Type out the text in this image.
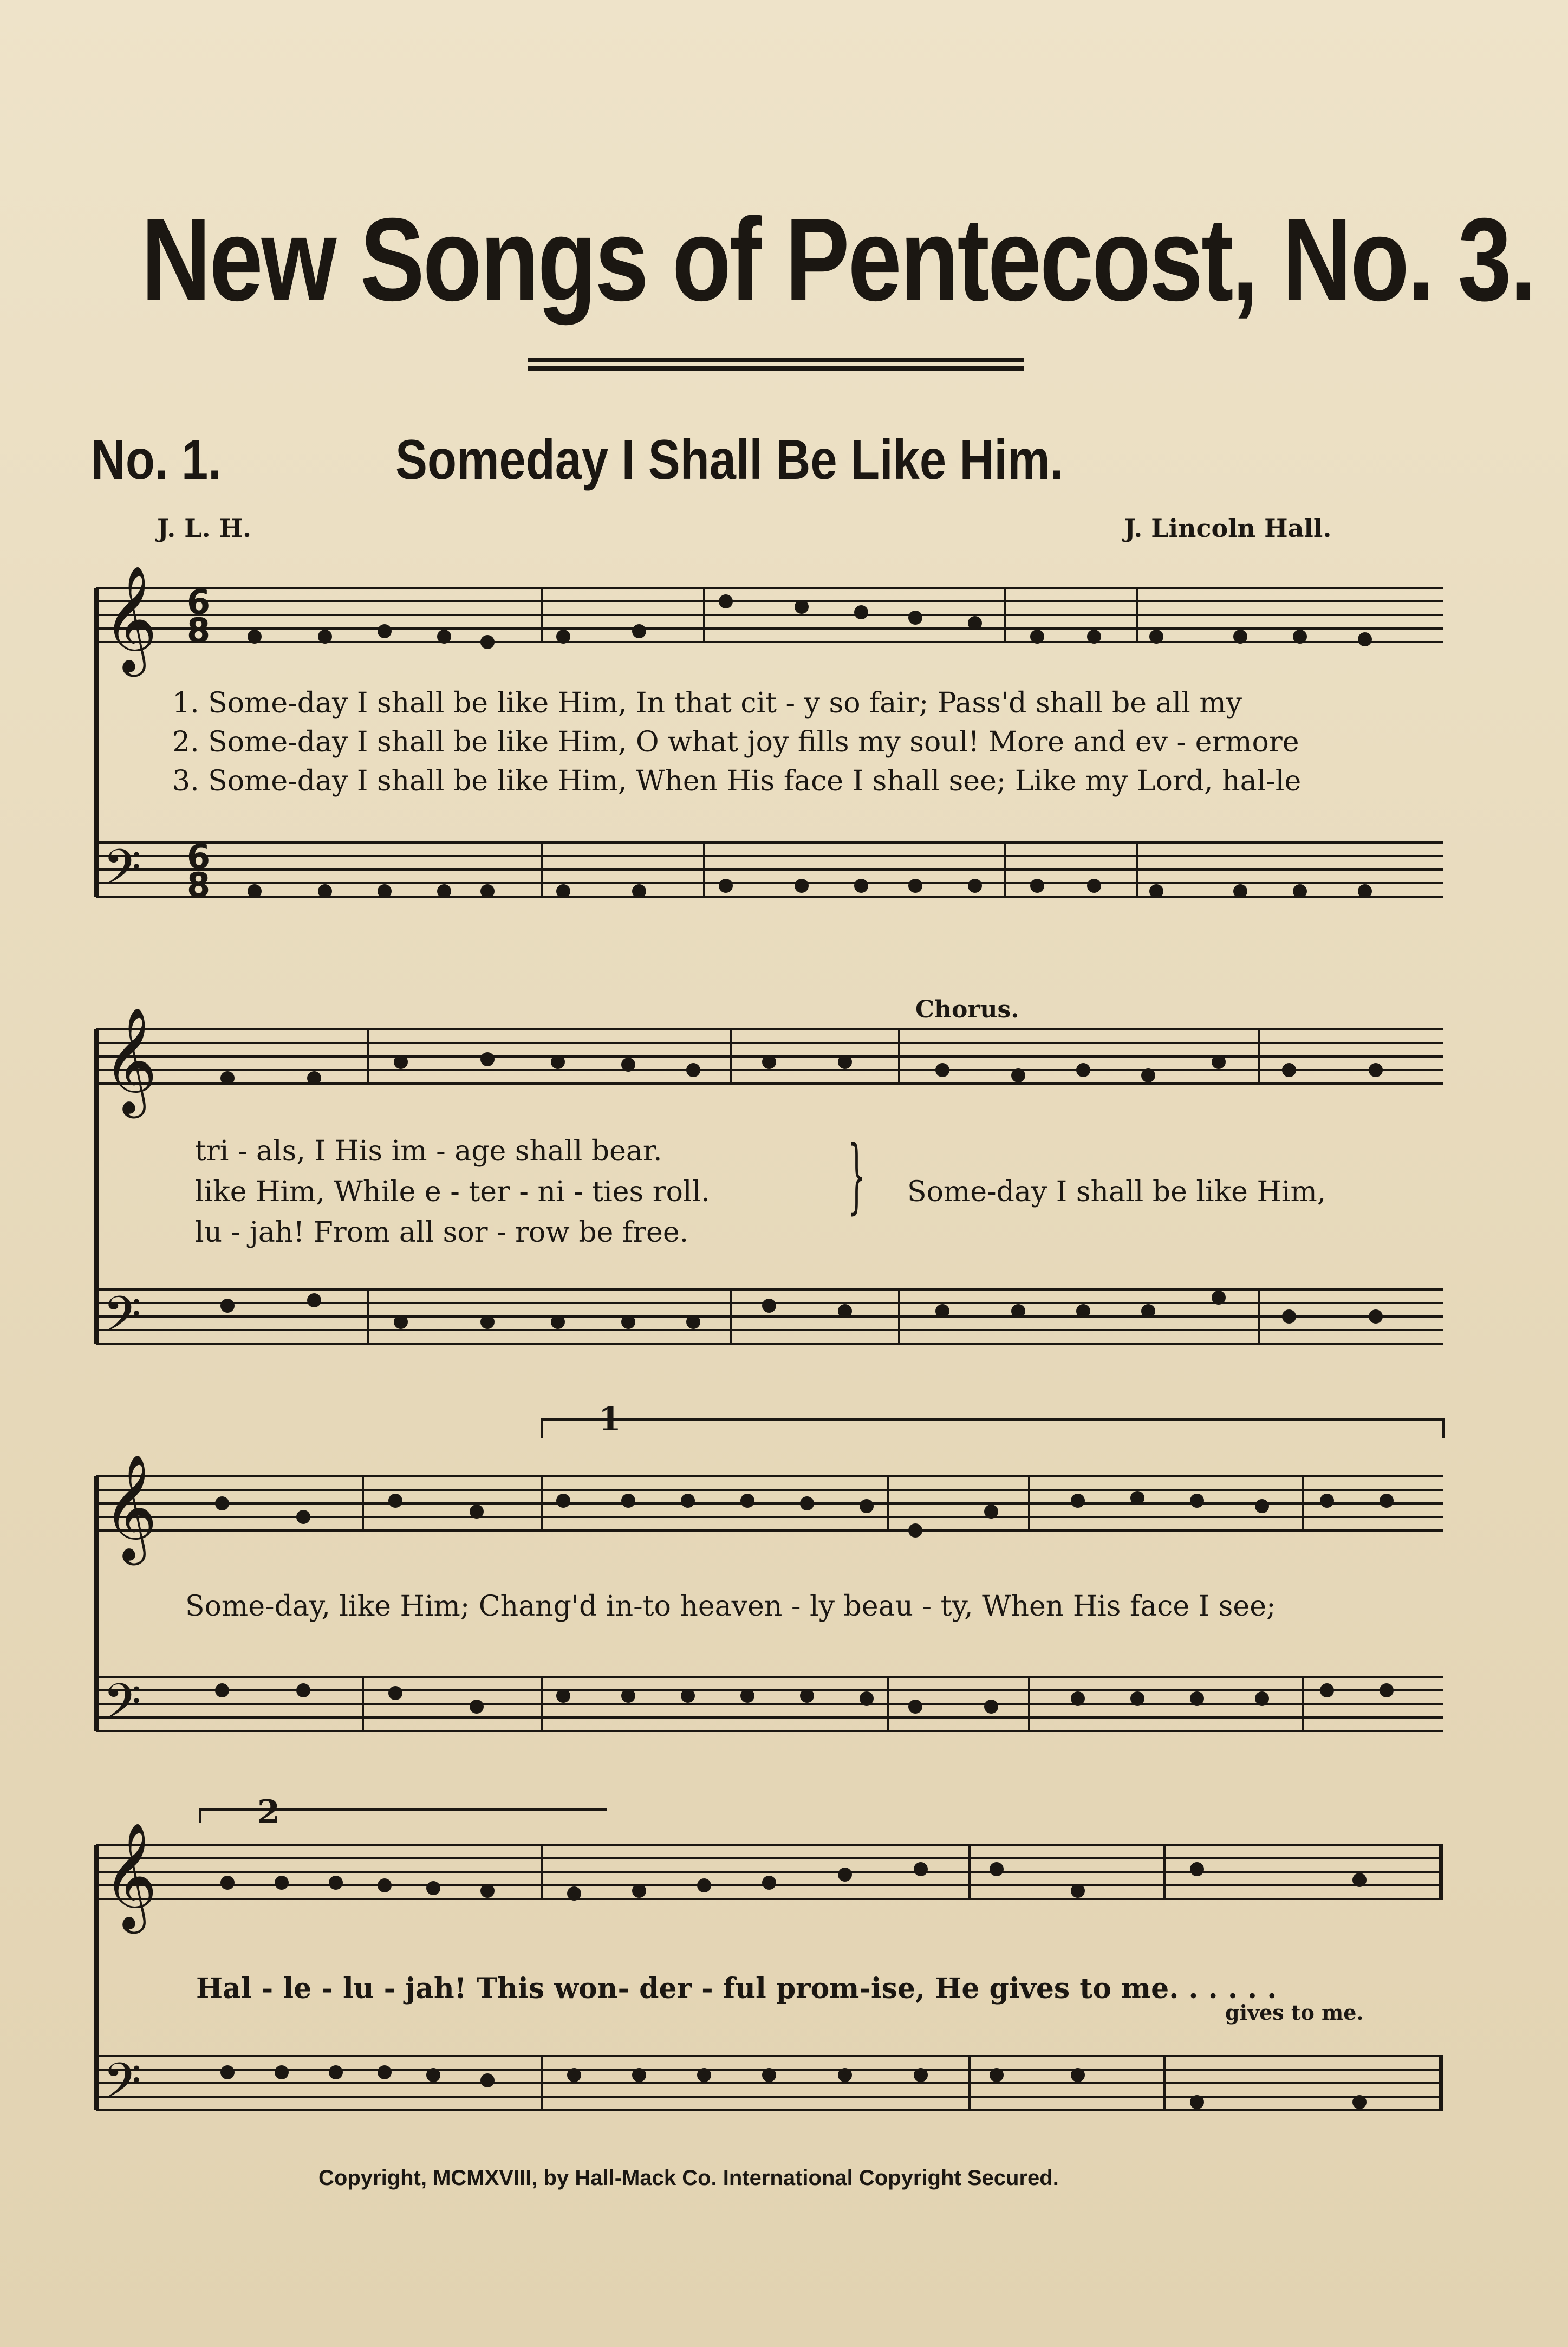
New Songs of Pentecost, No. 3.
No. 1.	Someday I Shall Be Like Him.
J. L. H.	J. Lincoln Hall.
𝄞
𝄞
𝄞
𝄞
𝄢
𝄢
𝄢
𝄢
6
8
6
8
1. Some-day I shall be like Him, In that cit - y so fair; Pass'd shall be all my
2. Some-day I shall be like Him, O what joy fills my soul! More and ev - ermore
3. Some-day I shall be like Him, When His face I shall see; Like my Lord, hal-le
tri - als, I His im - age shall bear.
like Him, While e - ter - ni - ties roll.
lu - jah! From all sor - row be free.
}
Chorus.
Some-day I shall be like Him,
1
Some-day, like Him; Chang'd in-to heaven - ly beau - ty, When His face I see;
2
Hal - le - lu - jah! This won- der - ful prom-ise, He gives to me. . . . . .
gives to me.
Copyright, MCMXVIII, by Hall-Mack Co. International Copyright Secured.
